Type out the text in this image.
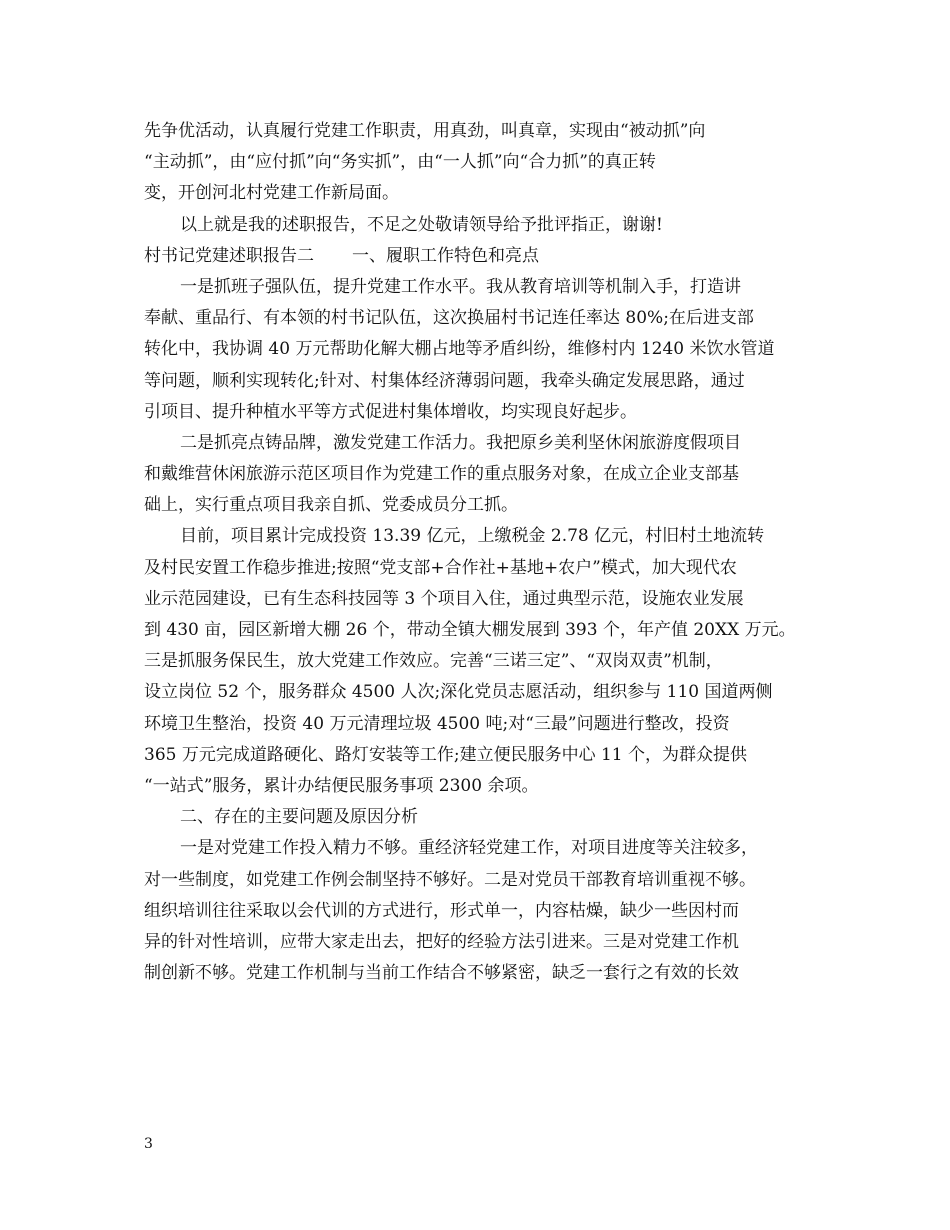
先争优活动，认真履行党建工作职责，用真劲，叫真章，实现由“被动抓”向
“主动抓”，由“应付抓”向“务实抓”，由“一人抓”向“合力抓”的真正转
变，开创河北村党建工作新局面。
以上就是我的述职报告，不足之处敬请领导给予批评指正，谢谢!
村书记党建述职报告二 一、履职工作特色和亮点
一是抓班子强队伍，提升党建工作水平。我从教育培训等机制入手，打造讲
奉献、重品行、有本领的村书记队伍，这次换届村书记连任率达 80%;在后进支部
转化中，我协调 40 万元帮助化解大棚占地等矛盾纠纷，维修村内 1240 米饮水管道
等问题，顺利实现转化;针对、村集体经济薄弱问题，我牵头确定发展思路，通过
引项目、提升种植水平等方式促进村集体增收，均实现良好起步。
二是抓亮点铸品牌，激发党建工作活力。我把原乡美利坚休闲旅游度假项目
和戴维营休闲旅游示范区项目作为党建工作的重点服务对象，在成立企业支部基
础上，实行重点项目我亲自抓、党委成员分工抓。
目前，项目累计完成投资 13.39 亿元，上缴税金 2.78 亿元，村旧村土地流转
及村民安置工作稳步推进;按照“党支部+合作社+基地+农户”模式，加大现代农
业示范园建设，已有生态科技园等 3 个项目入住，通过典型示范，设施农业发展
到 430 亩，园区新增大棚 26 个，带动全镇大棚发展到 393 个，年产值 20XX 万元。
三是抓服务保民生，放大党建工作效应。完善“三诺三定”、“双岗双责”机制，
设立岗位 52 个，服务群众 4500 人次;深化党员志愿活动，组织参与 110 国道两侧
环境卫生整治，投资 40 万元清理垃圾 4500 吨;对“三最”问题进行整改，投资
365 万元完成道路硬化、路灯安装等工作;建立便民服务中心 11 个，为群众提供
“一站式”服务，累计办结便民服务事项 2300 余项。
二、存在的主要问题及原因分析
一是对党建工作投入精力不够。重经济轻党建工作，对项目进度等关注较多，
对一些制度，如党建工作例会制坚持不够好。二是对党员干部教育培训重视不够。
组织培训往往采取以会代训的方式进行，形式单一，内容枯燥，缺少一些因村而
异的针对性培训，应带大家走出去，把好的经验方法引进来。三是对党建工作机
制创新不够。党建工作机制与当前工作结合不够紧密，缺乏一套行之有效的长效
3
